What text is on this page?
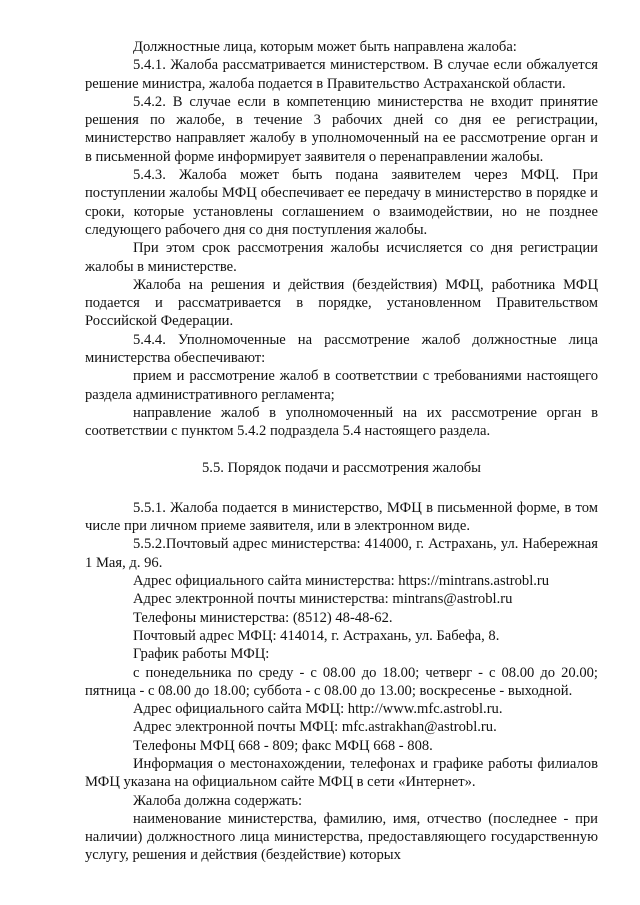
Должностные лица, которым может быть направлена жалоба:

5.4.1. Жалоба рассматривается министерством. В случае если обжалуется решение министра, жалоба подается в Правительство Астраханской области.

5.4.2. В случае если в компетенцию министерства не входит принятие решения по жалобе, в течение 3 рабочих дней со дня ее регистрации, министерство направляет жалобу в уполномоченный на ее рассмотрение орган и в письменной форме информирует заявителя о перенаправлении жалобы.

5.4.3. Жалоба может быть подана заявителем через МФЦ. При поступлении жалобы МФЦ обеспечивает ее передачу в министерство в порядке и сроки, которые установлены соглашением о взаимодействии, но не позднее следующего рабочего дня со дня поступления жалобы.

При этом срок рассмотрения жалобы исчисляется со дня регистрации жалобы в министерстве.

Жалоба на решения и действия (бездействия) МФЦ, работника МФЦ подается и рассматривается в порядке, установленном Правительством Российской Федерации.

5.4.4. Уполномоченные на рассмотрение жалоб должностные лица министерства обеспечивают:

прием и рассмотрение жалоб в соответствии с требованиями настоящего раздела административного регламента;

направление жалоб в уполномоченный на их рассмотрение орган в соответствии с пунктом 5.4.2 подраздела 5.4 настоящего раздела.

5.5. Порядок подачи и рассмотрения жалобы

5.5.1. Жалоба подается в министерство, МФЦ в письменной форме, в том числе при личном приеме заявителя, или в электронном виде.

5.5.2.Почтовый адрес министерства: 414000, г. Астрахань, ул. Набережная 1 Мая, д. 96.

Адрес официального сайта министерства: https://mintrans.astrobl.ru

Адрес электронной почты министерства: mintrans@astrobl.ru

Телефоны министерства: (8512) 48-48-62.

Почтовый адрес МФЦ: 414014, г. Астрахань, ул. Бабефа, 8.

График работы МФЦ:

с понедельника по среду - с 08.00 до 18.00; четверг - с 08.00 до 20.00; пятница - с 08.00 до 18.00; суббота - с 08.00 до 13.00; воскресенье - выходной.

Адрес официального сайта МФЦ: http://www.mfc.astrobl.ru.

Адрес электронной почты МФЦ: mfc.astrakhan@astrobl.ru.

Телефоны МФЦ 668 - 809; факс МФЦ 668 - 808.

Информация о местонахождении, телефонах и графике работы филиалов МФЦ указана на официальном сайте МФЦ в сети «Интернет».

Жалоба должна содержать:

наименование министерства, фамилию, имя, отчество (последнее - при наличии) должностного лица министерства, предоставляющего государственную услугу, решения и действия (бездействие) которых
